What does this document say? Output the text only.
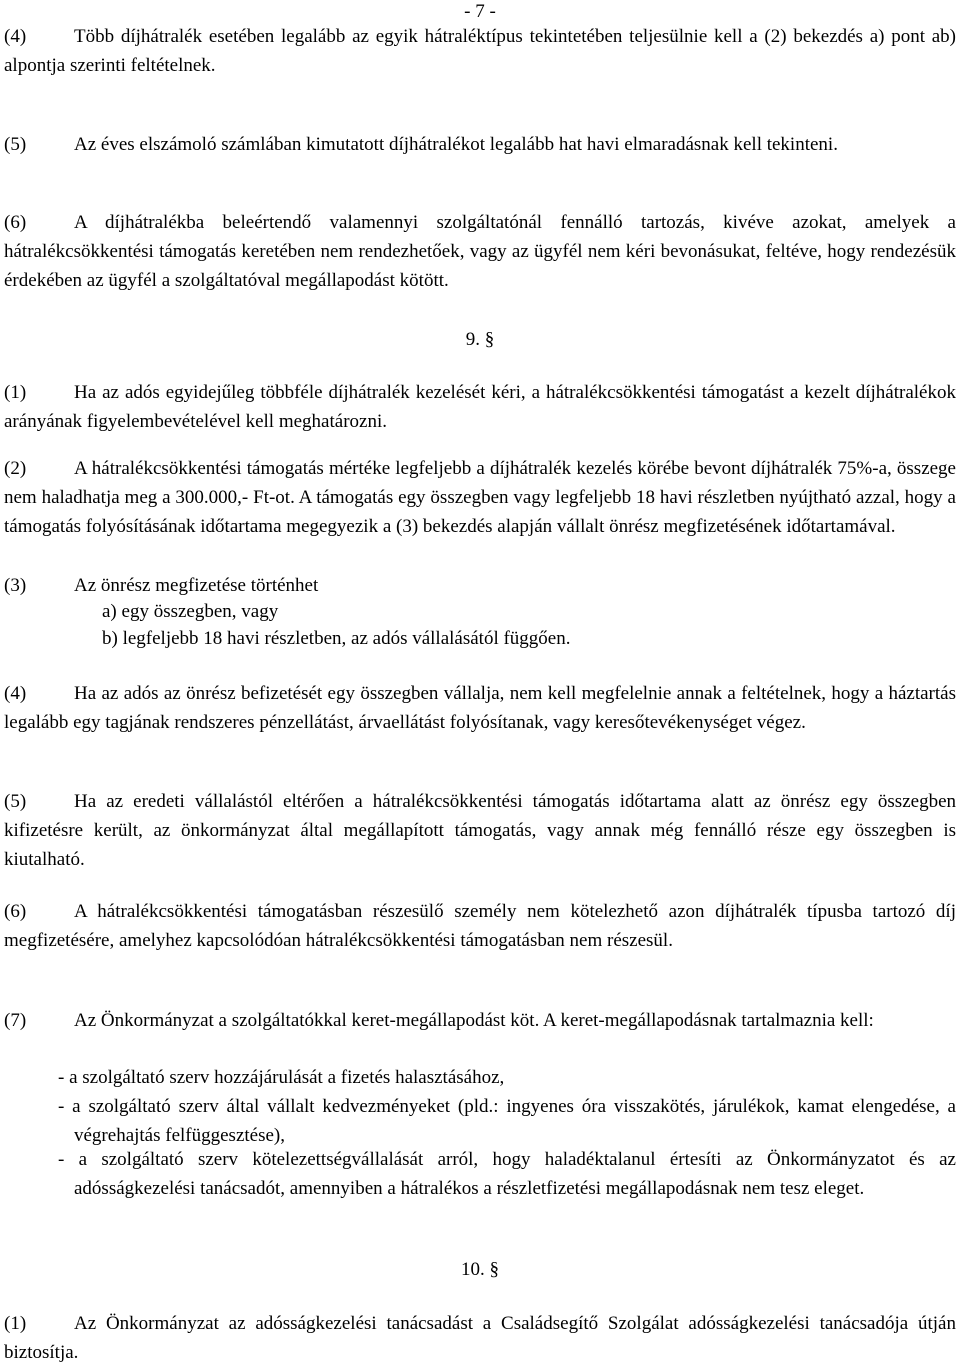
- 7 -

(4)	Több díjhátralék esetében legalább az egyik hátraléktípus tekintetében teljesülnie kell a (2) bekezdés a) pont ab) alpontja szerinti feltételnek.

(5)	Az éves elszámoló számlában kimutatott díjhátralékot legalább hat havi elmaradásnak kell tekinteni.

(6)	A díjhátralékba beleértendő valamennyi szolgáltatónál fennálló tartozás, kivéve azokat, amelyek a hátralékcsökkentési támogatás keretében nem rendezhetőek, vagy az ügyfél nem kéri bevonásukat, feltéve, hogy rendezésük érdekében az ügyfél a szolgáltatóval megállapodást kötött.

9. §

(1)	Ha az adós egyidejűleg többféle díjhátralék kezelését kéri, a hátralékcsökkentési támogatást a kezelt díjhátralékok arányának figyelembevételével kell meghatározni.

(2)	A hátralékcsökkentési támogatás mértéke legfeljebb a díjhátralék kezelés körébe bevont díjhátralék 75%-a, összege nem haladhatja meg a 300.000,- Ft-ot. A támogatás egy összegben vagy legfeljebb 18 havi részletben nyújtható azzal, hogy a támogatás folyósításának időtartama megegyezik a (3) bekezdés alapján vállalt önrész megfizetésének időtartamával.

(3)	Az önrész megfizetése történhet
a) egy összegben, vagy
b) legfeljebb 18 havi részletben, az adós vállalásától függően.

(4)	Ha az adós az önrész befizetését egy összegben vállalja, nem kell megfelelnie annak a feltételnek, hogy a háztartás legalább egy tagjának rendszeres pénzellátást, árvaellátást folyósítanak, vagy keresőtevékenységet végez.

(5)	Ha az eredeti vállalástól eltérően a hátralékcsökkentési támogatás időtartama alatt az önrész egy összegben kifizetésre került, az önkormányzat által megállapított támogatás, vagy annak még fennálló része egy összegben is kiutalható.

(6)	A hátralékcsökkentési támogatásban részesülő személy nem kötelezhető azon díjhátralék típusba tartozó díj megfizetésére, amelyhez kapcsolódóan hátralékcsökkentési támogatásban nem részesül.

(7)	Az Önkormányzat a szolgáltatókkal keret-megállapodást köt. A keret-megállapodásnak tartalmaznia kell:

- a szolgáltató szerv hozzájárulását a fizetés halasztásához,

- a szolgáltató szerv által vállalt kedvezményeket (pld.: ingyenes óra visszakötés, járulékok, kamat elengedése, a végrehajtás felfüggesztése),

- a szolgáltató szerv kötelezettségvállalását arról, hogy haladéktalanul értesíti az Önkormányzatot és az adósságkezelési tanácsadót, amennyiben a hátralékos a részletfizetési megállapodásnak nem tesz eleget.

10. §

(1)	Az Önkormányzat az adósságkezelési tanácsadást a Családsegítő Szolgálat adósságkezelési tanácsadója útján biztosítja.
